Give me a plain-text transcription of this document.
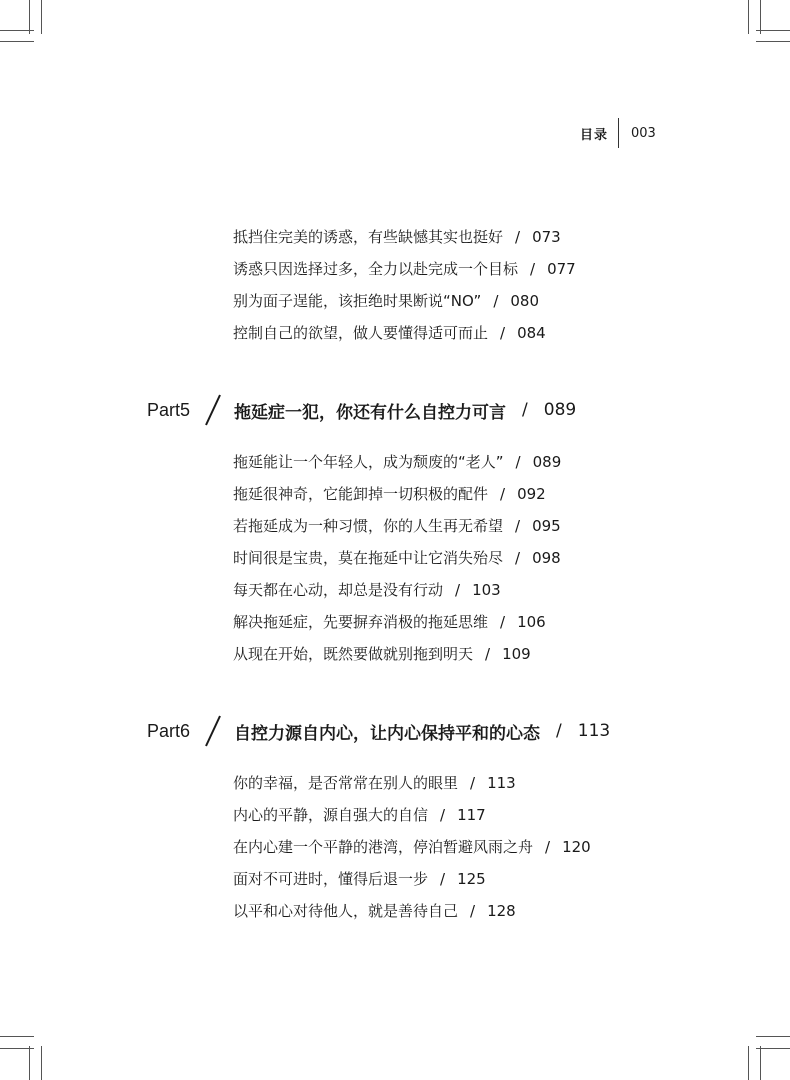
目录 003
抵挡住完美的诱惑，有些缺憾其实也挺好 / 073
诱惑只因选择过多，全力以赴完成一个目标 / 077
别为面子逞能，该拒绝时果断说“NO” / 080
控制自己的欲望，做人要懂得适可而止 / 084
Part5	拖延症一犯，你还有什么自控力可言 / 089
拖延能让一个年轻人，成为颓废的“老人” / 089
拖延很神奇，它能卸掉一切积极的配件 / 092
若拖延成为一种习惯，你的人生再无希望 / 095
时间很是宝贵，莫在拖延中让它消失殆尽 / 098
每天都在心动，却总是没有行动 / 103
解决拖延症，先要摒弃消极的拖延思维 / 106
从现在开始，既然要做就别拖到明天 / 109
Part6	自控力源自内心，让内心保持平和的心态 / 113
你的幸福，是否常常在别人的眼里 / 113
内心的平静，源自强大的自信 / 117
在内心建一个平静的港湾，停泊暂避风雨之舟 / 120
面对不可进时，懂得后退一步 / 125
以平和心对待他人，就是善待自己 / 128
